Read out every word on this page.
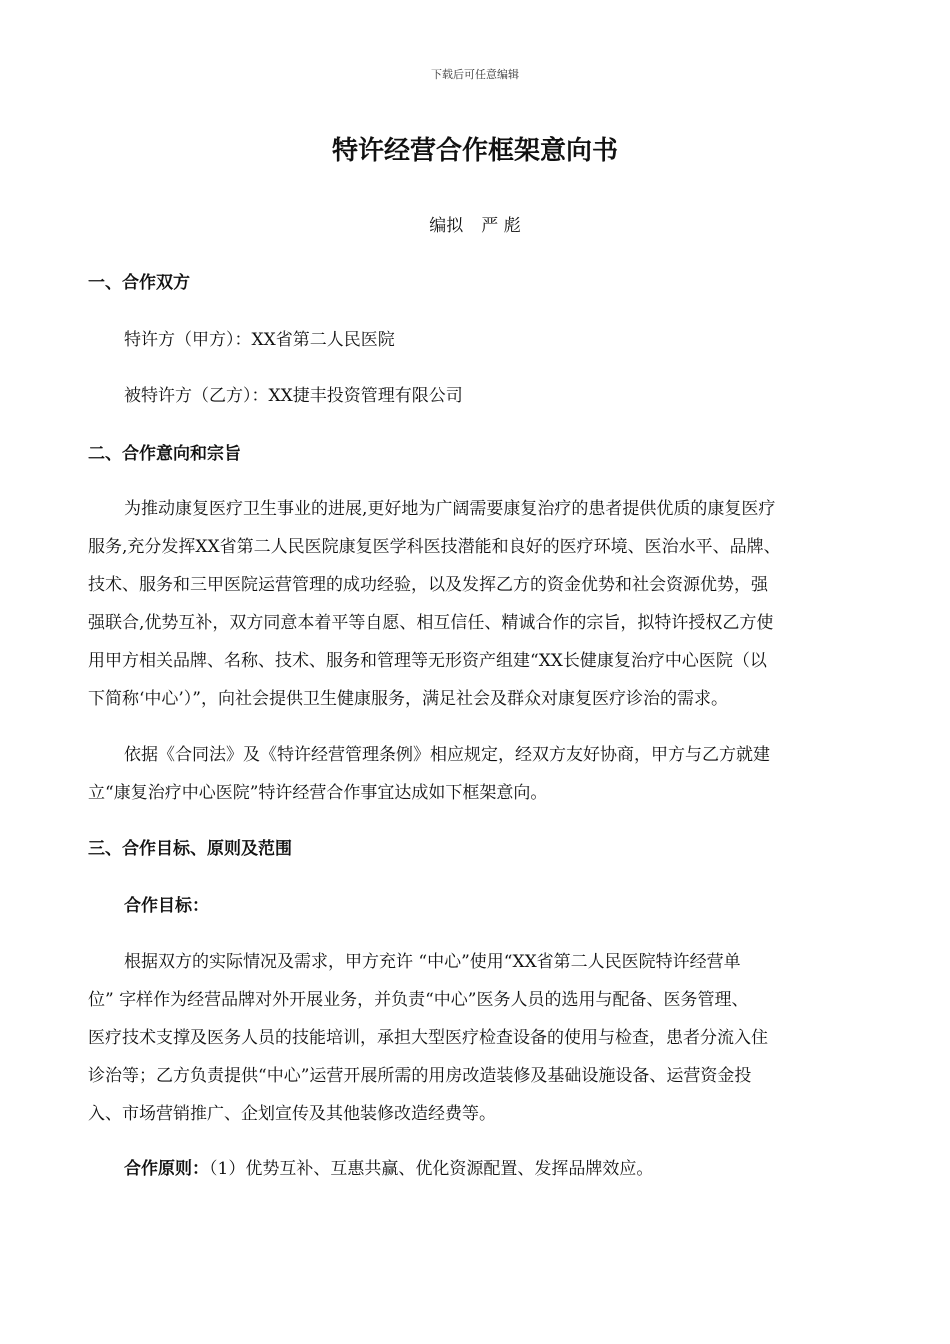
下载后可任意编辑
特许经营合作框架意向书
编拟 严 彪
一、合作双方
特许方（甲方）：XX省第二人民医院
被特许方（乙方）：XX捷丰投资管理有限公司
二、合作意向和宗旨
为推动康复医疗卫生事业的进展,更好地为广阔需要康复治疗的患者提供优质的康复医疗
服务,充分发挥XX省第二人民医院康复医学科医技潜能和良好的医疗环境、医治水平、品牌、
技术、服务和三甲医院运营管理的成功经验，以及发挥乙方的资金优势和社会资源优势，强
强联合,优势互补，双方同意本着平等自愿、相互信任、精诚合作的宗旨，拟特许授权乙方使
用甲方相关品牌、名称、技术、服务和管理等无形资产组建“XX长健康复治疗中心医院（以
下简称‘中心’）”，向社会提供卫生健康服务，满足社会及群众对康复医疗诊治的需求。
依据《合同法》及《特许经营管理条例》相应规定，经双方友好协商，甲方与乙方就建
立“康复治疗中心医院”特许经营合作事宜达成如下框架意向。
三、合作目标、原则及范围
合作目标：
根据双方的实际情况及需求，甲方充许 “中心”使用“XX省第二人民医院特许经营单
位” 字样作为经营品牌对外开展业务，并负责“中心”医务人员的选用与配备、医务管理、
医疗技术支撑及医务人员的技能培训，承担大型医疗检查设备的使用与检查，患者分流入住
诊治等；乙方负责提供“中心”运营开展所需的用房改造装修及基础设施设备、运营资金投
入、市场营销推广、企划宣传及其他装修改造经费等。
合作原则：（1）优势互补、互惠共赢、优化资源配置、发挥品牌效应。
